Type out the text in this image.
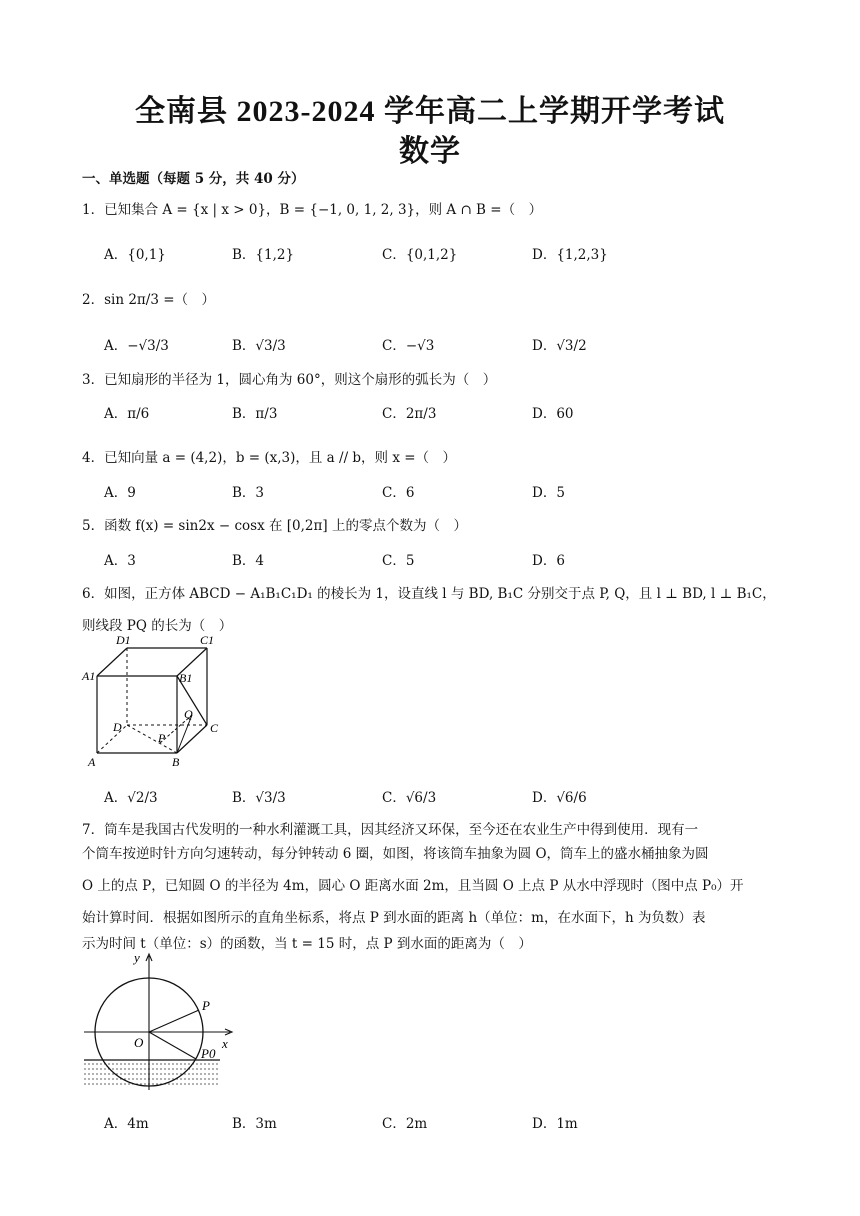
全南县 2023-2024 学年高二上学期开学考试
数学
一、单选题（每题 5 分，共 40 分）
1．已知集合 A = {x | x > 0}，B = {−1, 0, 1, 2, 3}，则 A ∩ B =（　）
A．{0,1}	B．{1,2}	C．{0,1,2}	D．{1,2,3}
2．sin 2π/3 =（　）
A．−√3/3	B．√3/3	C．−√3	D．√3/2
3．已知扇形的半径为 1，圆心角为 60°，则这个扇形的弧长为（　）
A．π/6	B．π/3	C．2π/3	D．60
4．已知向量 a = (4,2)，b = (x,3)，且 a // b，则 x =（　）
A．9	B．3	C．6	D．5
5．函数 f(x) = sin2x − cosx 在 [0,2π] 上的零点个数为（　）
A．3	B．4	C．5	D．6
6．如图，正方体 ABCD − A₁B₁C₁D₁ 的棱长为 1，设直线 l 与 BD, B₁C 分别交于点 P, Q，且 l ⊥ BD, l ⊥ B₁C，
则线段 PQ 的长为（　）
D1	C1
A1	B1
Q
D	C
P
A	B
A．√2/3	B．√3/3	C．√6/3	D．√6/6
7．筒车是我国古代发明的一种水利灌溉工具，因其经济又环保，至今还在农业生产中得到使用．现有一
个筒车按逆时针方向匀速转动，每分钟转动 6 圈，如图，将该筒车抽象为圆 O，筒车上的盛水桶抽象为圆
O 上的点 P，已知圆 O 的半径为 4m，圆心 O 距离水面 2m，且当圆 O 上点 P 从水中浮现时（图中点 P₀）开
始计算时间．根据如图所示的直角坐标系，将点 P 到水面的距离 h（单位：m，在水面下，h 为负数）表
示为时间 t（单位：s）的函数，当 t = 15 时，点 P 到水面的距离为（　）
y
P
O
P0
x
A．4m	B．3m	C．2m	D．1m
